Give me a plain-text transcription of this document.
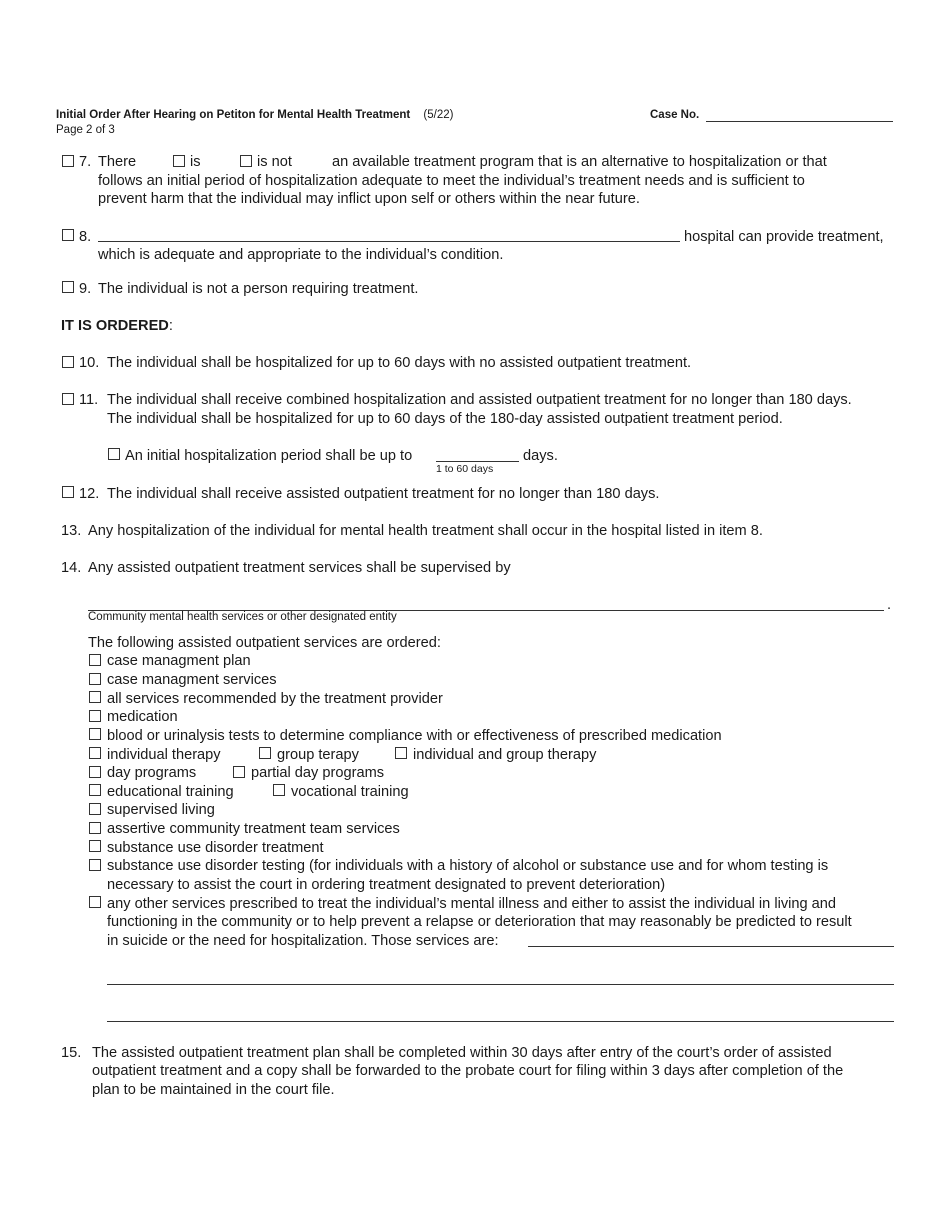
Initial Order After Hearing on Petiton for Mental Health Treatment (5/22)
Page 2 of 3
Case No.
7. There	is	is not	an available treatment program that is an alternative to hospitalization or that
follows an initial period of hospitalization adequate to meet the individual’s treatment needs and is sufficient to
prevent harm that the individual may inflict upon self or others within the near future.
8.	hospital can provide treatment,
which is adequate and appropriate to the individual’s condition.
9. The individual is not a person requiring treatment.
IT IS ORDERED:
10. The individual shall be hospitalized for up to 60 days with no assisted outpatient treatment.
11. The individual shall receive combined hospitalization and assisted outpatient treatment for no longer than 180 days.
The individual shall be hospitalized for up to 60 days of the 180-day assisted outpatient treatment period.
An initial hospitalization period shall be up to	days.
1 to 60 days
12. The individual shall receive assisted outpatient treatment for no longer than 180 days.
13. Any hospitalization of the individual for mental health treatment shall occur in the hospital listed in item 8.
14. Any assisted outpatient treatment services shall be supervised by
.
Community mental health services or other designated entity
The following assisted outpatient services are ordered:
case managment plan
case managment services
all services recommended by the treatment provider
medication
blood or urinalysis tests to determine compliance with or effectiveness of prescribed medication
individual therapy	group terapy	individual and group therapy
day programs	partial day programs
educational training	vocational training
supervised living
assertive community treatment team services
substance use disorder treatment
substance use disorder testing (for individuals with a history of alcohol or substance use and for whom testing is
necessary to assist the court in ordering treatment designated to prevent deterioration)
any other services prescribed to treat the individual’s mental illness and either to assist the individual in living and
functioning in the community or to help prevent a relapse or deterioration that may reasonably be predicted to result
in suicide or the need for hospitalization. Those services are:
15. The assisted outpatient treatment plan shall be completed within 30 days after entry of the court’s order of assisted
outpatient treatment and a copy shall be forwarded to the probate court for filing within 3 days after completion of the
plan to be maintained in the court file.
